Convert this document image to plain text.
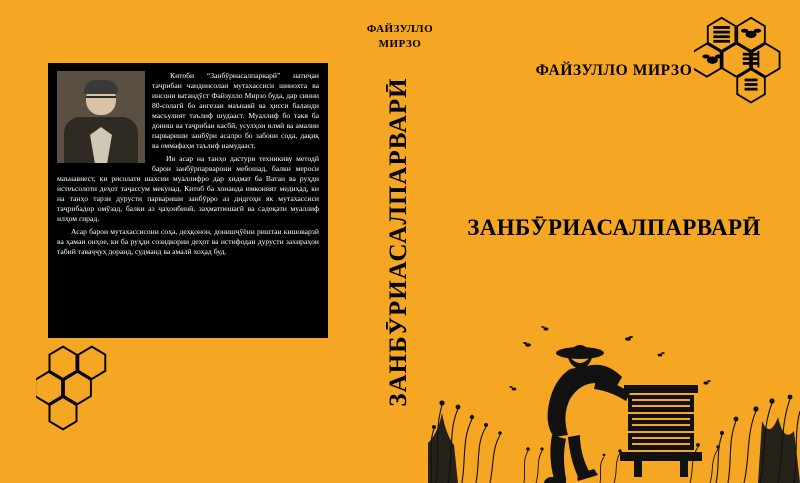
Китоби “Занбӯриасалпарварӣ” натиҷаи таҷрибаи чандинсолаи мутахассиси шинохта ва инсони ватандӯст Файзулло Мирзо буда, дар синни 80-солагӣ бо ангезаи маънавӣ ва ҳисси баланди масъулият таълиф шудааст. Муаллиф бо такя ба дониш ва таҷрибаи касбӣ, усулҳои илмӣ ва амалии парвариши занбӯри асалро бо забони сода, дақиқ ва оммафаҳм таълиф намудааст.

Ин асар на танҳо дастури техникиву методӣ барои занбӯрпарварони мебошад, балки мероси маънавиест, ки рисолати шахсии муаллифро дар хидмат ба Ватан ва руҳди истеъсолоти деҳот таҷассум мекунад. Китоб ба хонанда имконият медиҳад, ки на танҳо тарзи дурусти парвариши занбӯрро аз дидгоҳи як мутахассиси таҷрибадор омӯзад, балки аз ҷаҳонбинӣ, заҳматпешагӣ ва садоқати муаллиф илҳом гирад.

Асар барои мутахассисони соҳа, деҳқонон, донишҷӯёни риштаи кишоварзӣ ва ҳамаи онҳое, ки ба руҳди созидкории деҳот ва истифодаи дурусти захираҳои табиӣ таваҷҷуҳ доранд, судманд ва амалӣ хоҳад буд.

ФАЙЗУЛЛО
МИРЗО
ЗАНБӮРИАСАЛПАРВАРӢ
ФАЙЗУЛЛО МИРЗО
ЗАНБӮРИАСАЛПАРВАРӢ
